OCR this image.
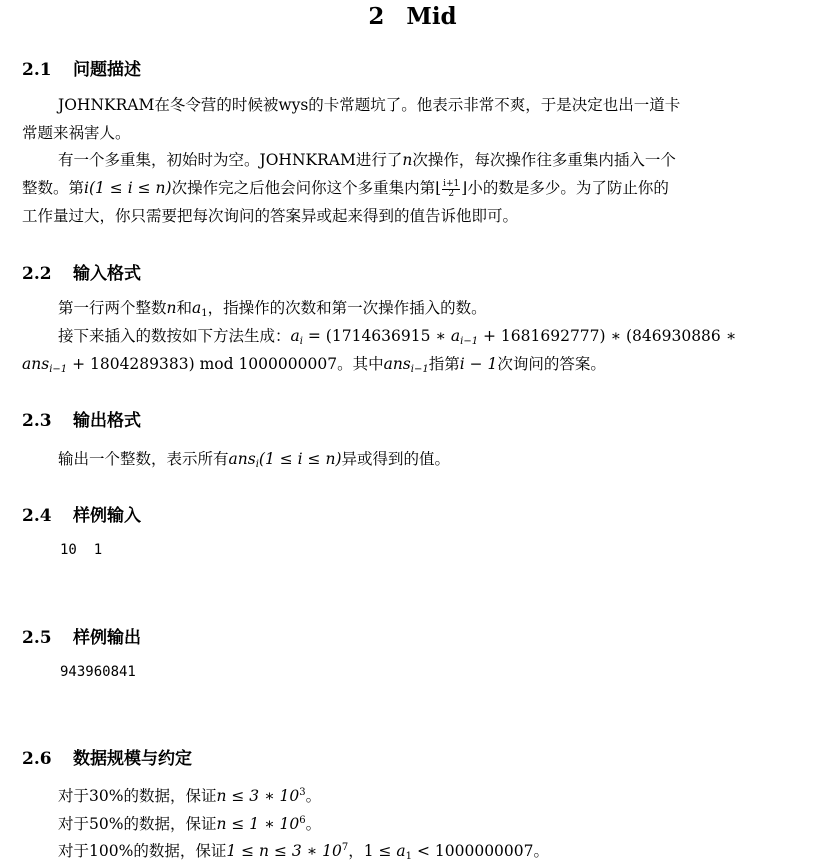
2 Mid
2.1 问题描述
JOHNKRAM在冬令营的时候被wys的卡常题坑了。他表示非常不爽，于是决定也出一道卡
常题来祸害人。
有一个多重集，初始时为空。JOHNKRAM进行了n次操作，每次操作往多重集内插入一个
整数。第i(1 ≤ i ≤ n)次操作完之后他会问你这个多重集内第⌊ $\frac{i+1}{2}$ ⌋小的数是多少。为了防止你的
工作量过大，你只需要把每次询问的答案异或起来得到的值告诉他即可。
2.2 输入格式
第一行两个整数n和$a_1$，指操作的次数和第一次操作插入的数。
接下来插入的数按如下方法生成：$a_i = (1714636915$ ∗ $a_{i-1} + 1681692777$) ∗ (846930886 ∗
ans$_{i-1}$ + 1804289383) mod 1000000007。其中ans$_{i-1}$指第i − 1次询问的答案。
2.3 输出格式
输出一个整数，表示所有ans$_i$(1 ≤ i ≤ n)异或得到的值。
2.4 样例输入
10  1
2.5 样例输出
943960841
2.6 数据规模与约定
对于30%的数据，保证n ≤ 3 ∗ $10^3$。
对于50%的数据，保证n ≤ 1 ∗ $10^6$。
对于100%的数据，保证1 ≤ n ≤ 3 ∗ $10^7$，$1 \le a_1 < 1000000007$。
